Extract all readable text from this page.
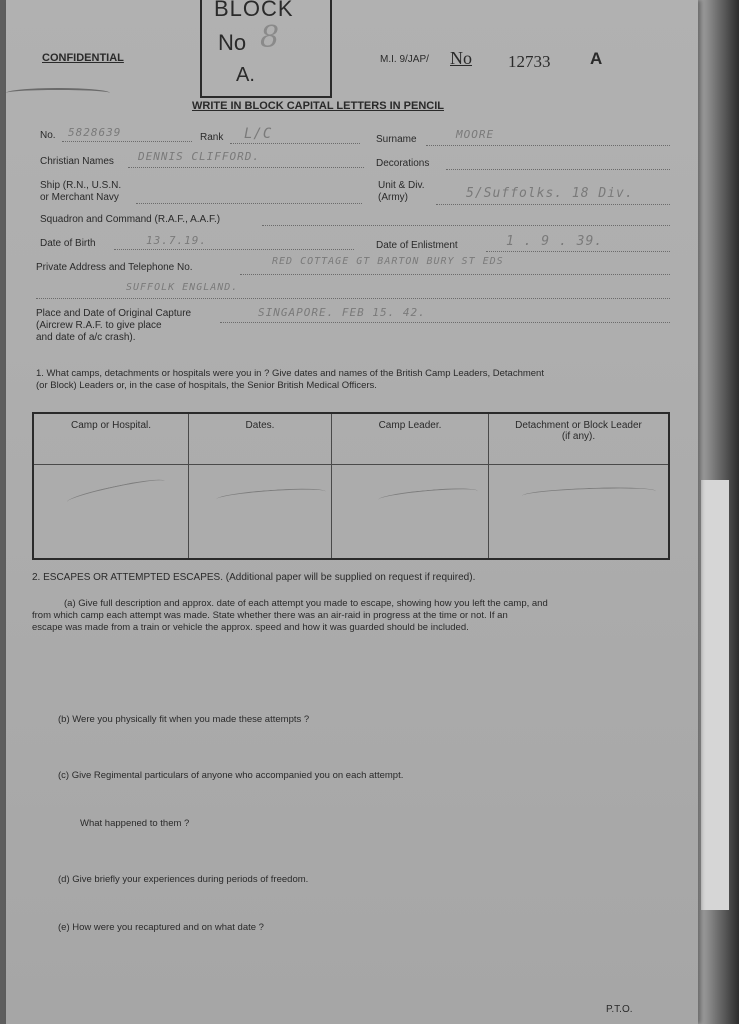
CONFIDENTIAL
BLOCK
No 8
A.
M.I. 9/JAP/ No 12733 A
WRITE IN BLOCK CAPITAL LETTERS IN PENCIL
No. 5828639	Rank L/C	Surname	MOORE
Christian Names DENNIS CLIFFORD.
Decorations
Ship (R.N., U.S.N.
or Merchant Navy
Unit & Div.
(Army)	5/Suffolks. 18 Div.
Squadron and Command (R.A.F., A.A.F.)
Date of Birth	13.7.19.	Date of Enlistment	1 . 9 . 39.
Private Address and Telephone No.
RED COTTAGE GT BARTON BURY ST EDS
SUFFOLK ENGLAND.
Place and Date of Original Capture
(Aircrew R.A.F. to give place
and date of a/c crash).
SINGAPORE. FEB 15. 42.
1. What camps, detachments or hospitals were you in ? Give dates and names of the British Camp Leaders, Detachment
(or Block) Leaders or, in the case of hospitals, the Senior British Medical Officers.
Camp or Hospital.	Dates.	Camp Leader.	Detachment or Block Leader (if any).

2. ESCAPES OR ATTEMPTED ESCAPES. (Additional paper will be supplied on request if required).
(a) Give full description and approx. date of each attempt you made to escape, showing how you left the camp, and
from which camp each attempt was made. State whether there was an air-raid in progress at the time or not. If an
escape was made from a train or vehicle the approx. speed and how it was guarded should be included.
(b) Were you physically fit when you made these attempts ?
(c) Give Regimental particulars of anyone who accompanied you on each attempt.
What happened to them ?
(d) Give briefly your experiences during periods of freedom.
(e) How were you recaptured and on what date ?
P.T.O.
